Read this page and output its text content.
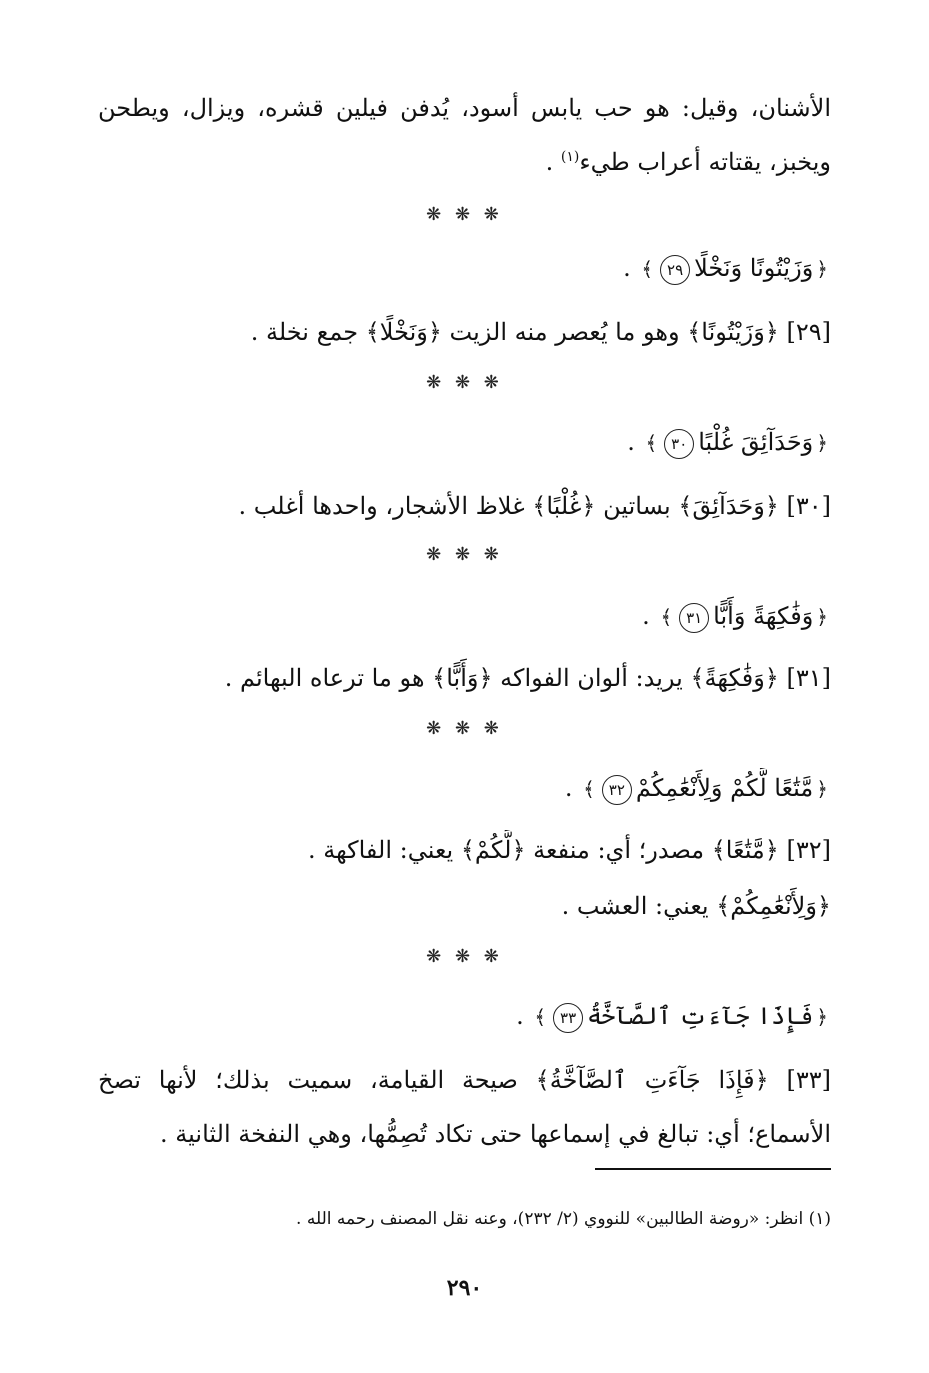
الأشنان، وقيل: هو حب يابس أسود، يُدفن فيلين قشره، ويزال، ويطحن
ويخبز، يقتاته أعراب طيء$^{(١)}$ .
❋ ❋ ❋
﴿وَزَيْتُونًا وَنَخْلًا٢٩﴾ .
[٢٩] ﴿وَزَيْتُونًا﴾ وهو ما يُعصر منه الزيت ﴿وَنَخْلًا﴾ جمع نخلة .
❋ ❋ ❋
﴿وَحَدَآئِقَ غُلْبًا٣٠﴾ .
[٣٠] ﴿وَحَدَآئِقَ﴾ بساتين ﴿غُلْبًا﴾ غلاظ الأشجار، واحدها أغلب .
❋ ❋ ❋
﴿وَفَٰكِهَةً وَأَبًّا٣١﴾ .
[٣١] ﴿وَفَٰكِهَةً﴾ يريد: ألوان الفواكه ﴿وَأَبًّا﴾ هو ما ترعاه البهائم .
❋ ❋ ❋
﴿مَّتَٰعًا لَّكُمْ وَلِأَنْعَٰمِكُمْ٣٢﴾ .
[٣٢] ﴿مَّتَٰعًا﴾ مصدر؛ أي: منفعة ﴿لَّكُمْ﴾ يعني: الفاكهة .
﴿وَلِأَنْعَٰمِكُمْ﴾ يعني: العشب .
❋ ❋ ❋
﴿فَإِذَا جَآءَتِ ٱلصَّآخَّةُ٣٣﴾ .
[٣٣] ﴿فَإِذَا جَآءَتِ ٱلصَّآخَّةُ﴾ صيحة القيامة، سميت بذلك؛ لأنها تصخ
الأسماع؛ أي: تبالغ في إسماعها حتى تكاد تُصِمُّها، وهي النفخة الثانية .
(١) انظر: «روضة الطالبين» للنووي (٢/ ٢٣٢)، وعنه نقل المصنف رحمه الله .
٢٩٠
